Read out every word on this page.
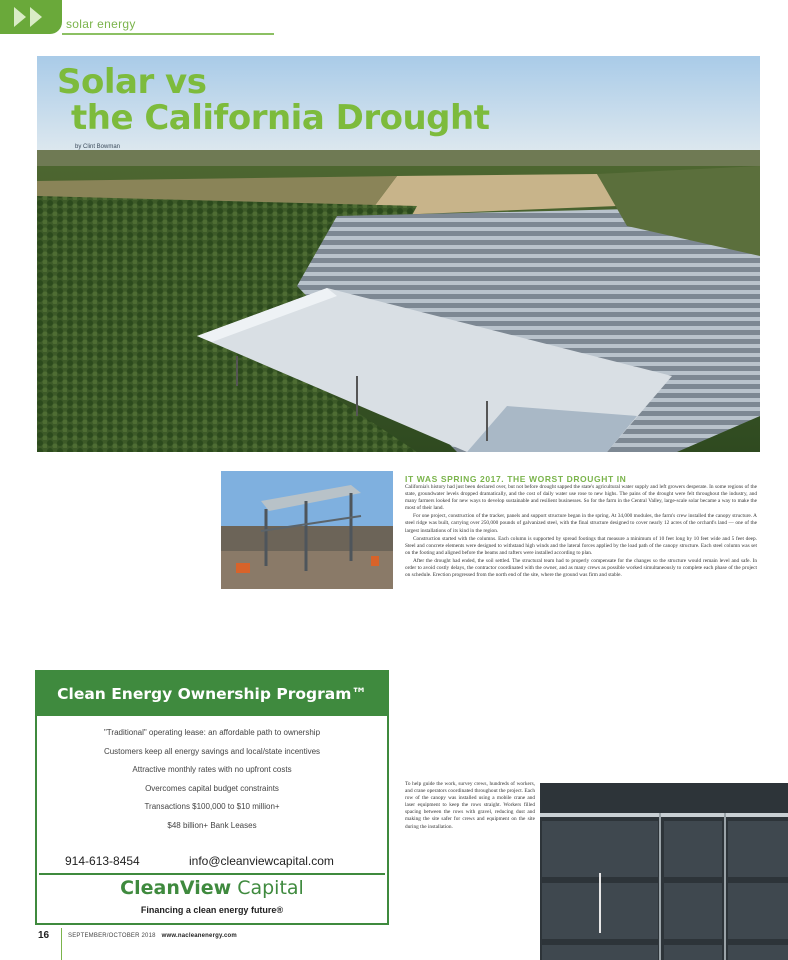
solar energy
Solar vs
the California Drought
by Clint Bowman
IT WAS SPRING 2017. THE WORST DROUGHT IN

California's history had just been declared over, but not before drought sapped the state's agricultural water supply and left growers desperate. In some regions of the state, groundwater levels dropped dramatically, and the cost of daily water use rose to new highs. The pains of the drought were felt throughout the industry, and many farmers looked for new ways to develop sustainable and resilient businesses. So for the farm in the Central Valley, large-scale solar became a way to make the most of their land.

For one project, construction of the tracker, panels and support structure began in the spring. At 34,000 modules, the farm's crew installed the canopy structure. A steel ridge was built, carrying over 250,000 pounds of galvanized steel, with the final structure designed to cover nearly 12 acres of the orchard's land — one of the largest installations of its kind in the region.

Construction started with the columns. Each column is supported by spread footings that measure a minimum of 10 feet long by 10 feet wide and 5 feet deep. Steel and concrete elements were designed to withstand high winds and the lateral forces applied by the load path of the canopy structure. Each steel column was set on the footing and aligned before the beams and rafters were installed according to plan.

After the drought had ended, the soil settled. The structural team had to properly compensate for the changes so the structure would remain level and safe. In order to avoid costly delays, the contractor coordinated with the owner, and as many crews as possible worked simultaneously to complete each phase of the project on schedule. Erection progressed from the north end of the site, where the ground was firm and stable.

To help guide the work, survey crews, hundreds of workers, and crane operators coordinated throughout the project. Each row of the canopy was installed using a mobile crane and laser equipment to keep the rows straight. Workers filled spacing between the rows with gravel, reducing dust and making the site safer for crews and equipment on the site during the installation.

Clean Energy Ownership Program™
"Traditional" operating lease: an affordable path to ownership
Customers keep all energy savings and local/state incentives
Attractive monthly rates with no upfront costs
Overcomes capital budget constraints
Transactions $100,000 to $10 million+
$48 billion+ Bank Leases
914-613-8454	info@cleanviewcapital.com
CleanView Capital
Financing a clean energy future®
16	SEPTEMBER/OCTOBER 2018 www.nacleanenergy.com
